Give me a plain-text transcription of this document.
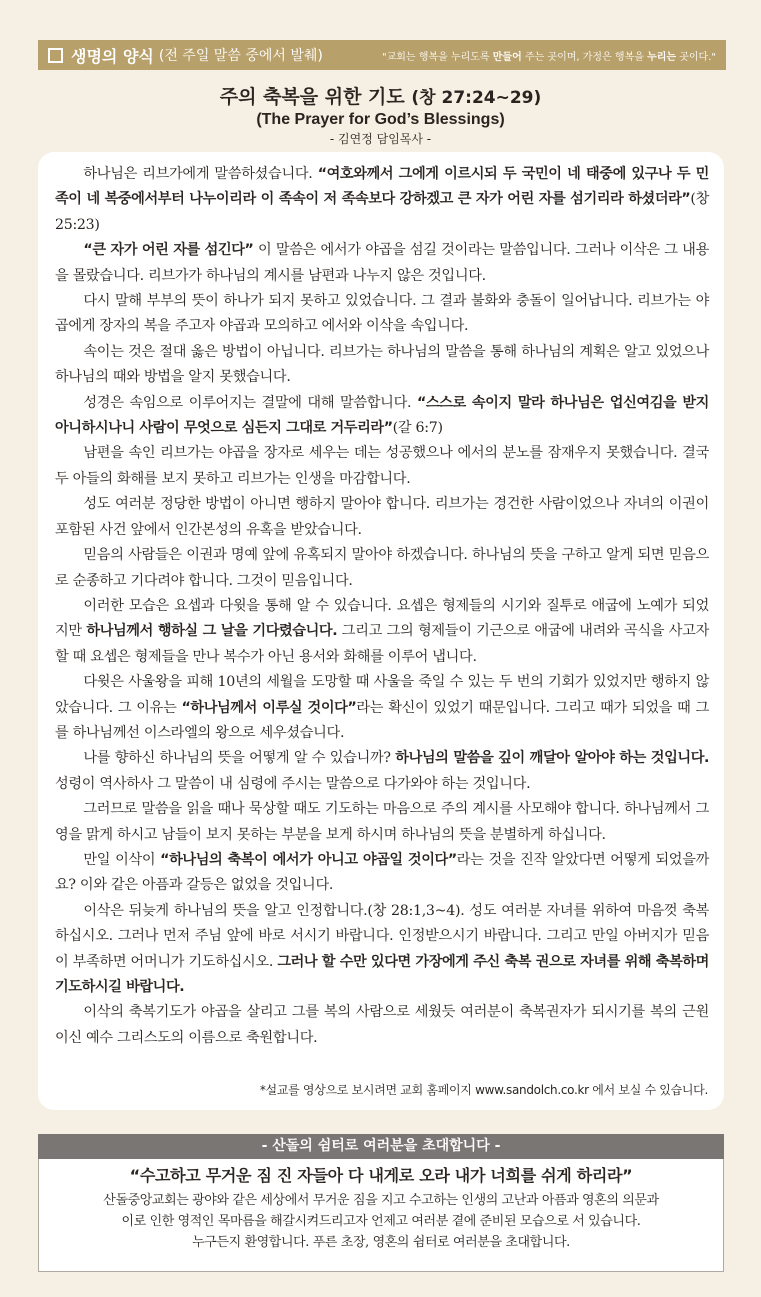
생명의 양식 (전 주일 말씀 중에서 발췌)	"교회는 행복을 누리도록 만들어 주는 곳이며, 가정은 행복을 누리는 곳이다."
주의 축복을 위한 기도 (창 27:24~29)
(The Prayer for God’s Blessings)
- 김연정 담임목사 -

하나님은 리브가에게 말씀하셨습니다. “여호와께서 그에게 이르시되 두 국민이 네 태중에 있구나 두 민족이 네 복중에서부터 나누이리라 이 족속이 저 족속보다 강하겠고 큰 자가 어린 자를 섬기리라 하셨더라”(창 25:23)

“큰 자가 어린 자를 섬긴다” 이 말씀은 에서가 야곱을 섬길 것이라는 말씀입니다. 그러나 이삭은 그 내용을 몰랐습니다. 리브가가 하나님의 계시를 남편과 나누지 않은 것입니다.

다시 말해 부부의 뜻이 하나가 되지 못하고 있었습니다. 그 결과 불화와 충돌이 일어납니다. 리브가는 야곱에게 장자의 복을 주고자 야곱과 모의하고 에서와 이삭을 속입니다.

속이는 것은 절대 옳은 방법이 아닙니다. 리브가는 하나님의 말씀을 통해 하나님의 계획은 알고 있었으나 하나님의 때와 방법을 알지 못했습니다.

성경은 속임으로 이루어지는 결말에 대해 말씀합니다. “스스로 속이지 말라 하나님은 업신여김을 받지 아니하시나니 사람이 무엇으로 심든지 그대로 거두리라”(갈 6:7)

남편을 속인 리브가는 야곱을 장자로 세우는 데는 성공했으나 에서의 분노를 잠재우지 못했습니다. 결국 두 아들의 화해를 보지 못하고 리브가는 인생을 마감합니다.

성도 여러분 정당한 방법이 아니면 행하지 말아야 합니다. 리브가는 경건한 사람이었으나 자녀의 이권이 포함된 사건 앞에서 인간본성의 유혹을 받았습니다.

믿음의 사람들은 이권과 명예 앞에 유혹되지 말아야 하겠습니다. 하나님의 뜻을 구하고 알게 되면 믿음으로 순종하고 기다려야 합니다. 그것이 믿음입니다.

이러한 모습은 요셉과 다윗을 통해 알 수 있습니다. 요셉은 형제들의 시기와 질투로 애굽에 노예가 되었지만 하나님께서 행하실 그 날을 기다렸습니다. 그리고 그의 형제들이 기근으로 애굽에 내려와 곡식을 사고자 할 때 요셉은 형제들을 만나 복수가 아닌 용서와 화해를 이루어 냅니다.

다윗은 사울왕을 피해 10년의 세월을 도망할 때 사울을 죽일 수 있는 두 번의 기회가 있었지만 행하지 않았습니다. 그 이유는 “하나님께서 이루실 것이다”라는 확신이 있었기 때문입니다. 그리고 때가 되었을 때 그를 하나님께선 이스라엘의 왕으로 세우셨습니다.

나를 향하신 하나님의 뜻을 어떻게 알 수 있습니까? 하나님의 말씀을 깊이 깨달아 알아야 하는 것입니다. 성령이 역사하사 그 말씀이 내 심령에 주시는 말씀으로 다가와야 하는 것입니다.

그러므로 말씀을 읽을 때나 묵상할 때도 기도하는 마음으로 주의 계시를 사모해야 합니다. 하나님께서 그 영을 맑게 하시고 남들이 보지 못하는 부분을 보게 하시며 하나님의 뜻을 분별하게 하십니다.

만일 이삭이 “하나님의 축복이 에서가 아니고 야곱일 것이다”라는 것을 진작 알았다면 어떻게 되었을까요? 이와 같은 아픔과 갈등은 없었을 것입니다.

이삭은 뒤늦게 하나님의 뜻을 알고 인정합니다.(창 28:1,3~4). 성도 여러분 자녀를 위하여 마음껏 축복하십시오. 그러나 먼저 주님 앞에 바로 서시기 바랍니다. 인정받으시기 바랍니다. 그리고 만일 아버지가 믿음이 부족하면 어머니가 기도하십시오. 그러나 할 수만 있다면 가장에게 주신 축복 권으로 자녀를 위해 축복하며 기도하시길 바랍니다.

이삭의 축복기도가 야곱을 살리고 그를 복의 사람으로 세웠듯 여러분이 축복권자가 되시기를 복의 근원이신 예수 그리스도의 이름으로 축원합니다.

*설교를 영상으로 보시려면 교회 홈페이지 www.sandolch.co.kr 에서 보실 수 있습니다.
- 산돌의 쉼터로 여러분을 초대합니다 -
“수고하고 무거운 짐 진 자들아 다 내게로 오라 내가 너희를 쉬게 하리라”
산돌중앙교회는 광야와 같은 세상에서 무거운 짐을 지고 수고하는 인생의 고난과 아픔과 영혼의 의문과
이로 인한 영적인 목마름을 해갈시켜드리고자 언제고 여러분 곁에 준비된 모습으로 서 있습니다.
누구든지 환영합니다. 푸른 초장, 영혼의 쉼터로 여러분을 초대합니다.
